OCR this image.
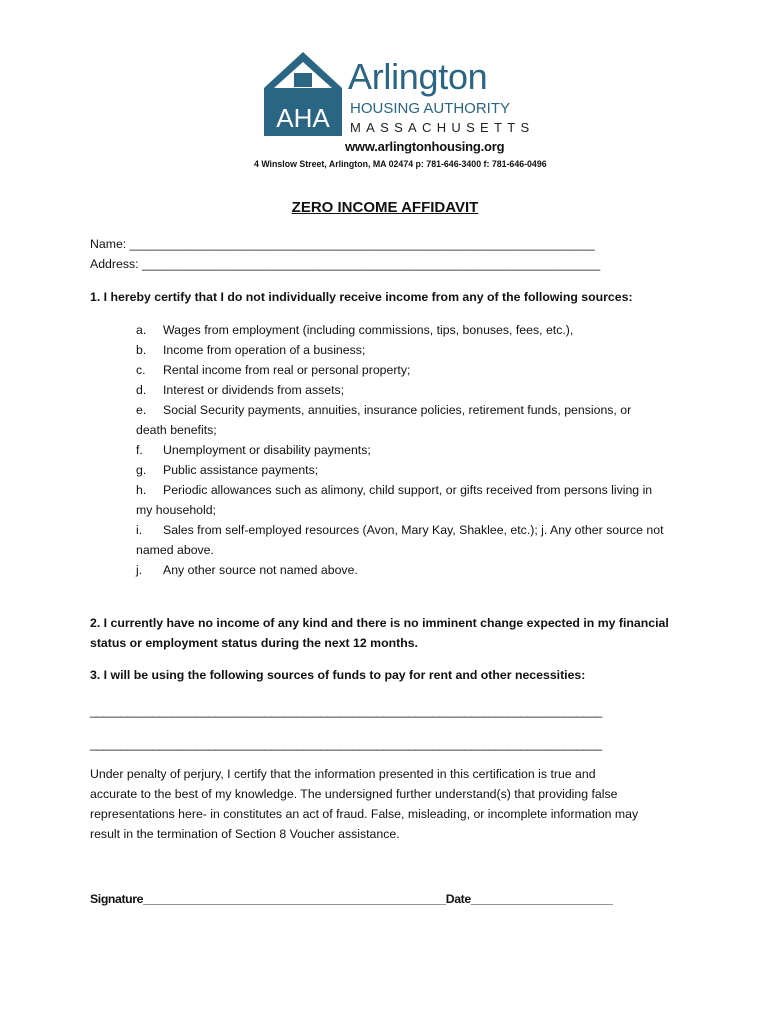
AHA
Arlington
HOUSING AUTHORITY
MASSACHUSETTS
www.arlingtonhousing.org
4 Winslow Street, Arlington, MA 02474 p: 781-646-3400 f: 781-646-0496
ZERO INCOME AFFIDAVIT
Name: ____________________________________________________________________
Address: ___________________________________________________________________
1. I hereby certify that I do not individually receive income from any of the following sources:
a. Wages from employment (including commissions, tips, bonuses, fees, etc.),
b. Income from operation of a business;
c. Rental income from real or personal property;
d. Interest or dividends from assets;
e. Social Security payments, annuities, insurance policies, retirement funds, pensions, or
death benefits;
f. Unemployment or disability payments;
g. Public assistance payments;
h. Periodic allowances such as alimony, child support, or gifts received from persons living in
my household;
i. Sales from self-employed resources (Avon, Mary Kay, Shaklee, etc.); j. Any other source not
named above.
j. Any other source not named above.
2. I currently have no income of any kind and there is no imminent change expected in my financial
status or employment status during the next 12 months.
3. I will be using the following sources of funds to pay for rent and other necessities:
__________________________________________________________________________________
__________________________________________________________________________________
Under penalty of perjury, I certify that the information presented in this certification is true and
accurate to the best of my knowledge. The undersigned further understand(s) that providing false
representations here- in constitutes an act of fraud. False, misleading, or incomplete information may
result in the termination of Section 8 Voucher assistance.
Signature_______________________________________________Date______________________
